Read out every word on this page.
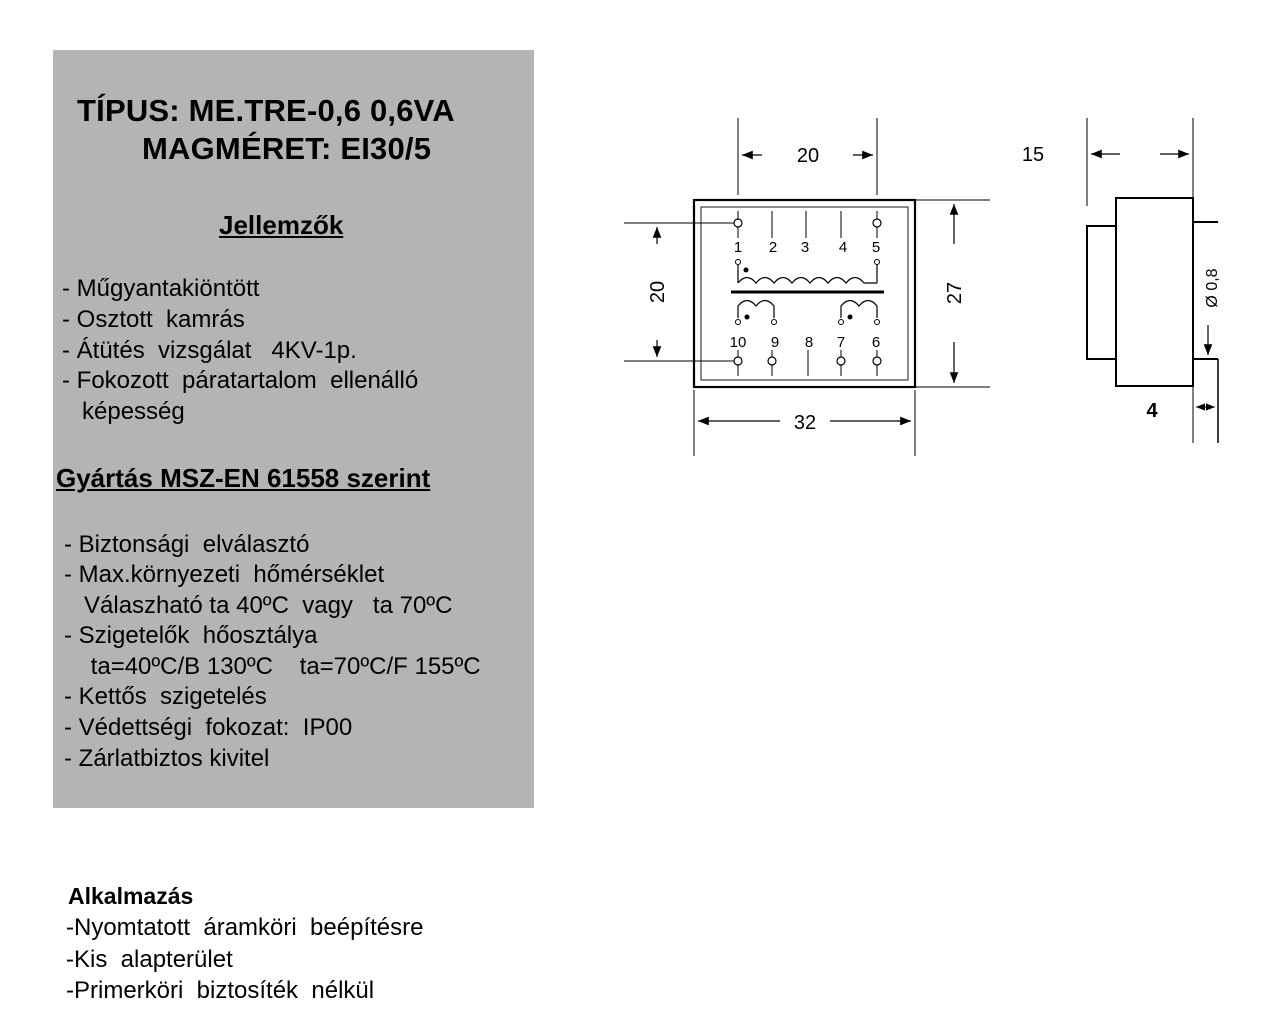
TÍPUS: ME.TRE-0,6 0,6VA
MAGMÉRET: EI30/5
Jellemzők
- Műgyantakiöntött
- Osztott  kamrás
- Átütés  vizsgálat   4KV-1p.
- Fokozott  páratartalom  ellenálló
képesség
Gyártás MSZ-EN 61558 szerint
- Biztonsági  elválasztó
- Max.környezeti  hőmérséklet
Válaszható ta 40ºC  vagy   ta 70ºC
- Szigetelők  hőosztálya
ta=40ºC/B 130ºC    ta=70ºC/F 155ºC
- Kettős  szigetelés
- Védettségi  fokozat:  IP00
- Zárlatbiztos kivitel
Alkalmazás
-Nyomtatott  áramköri  beépítésre
-Kis  alapterület
-Primerköri  biztosíték  nélkül
20
20	27
32
15
Ø 0,8
4
1 2 3 4 5
10 9 8 7 6
